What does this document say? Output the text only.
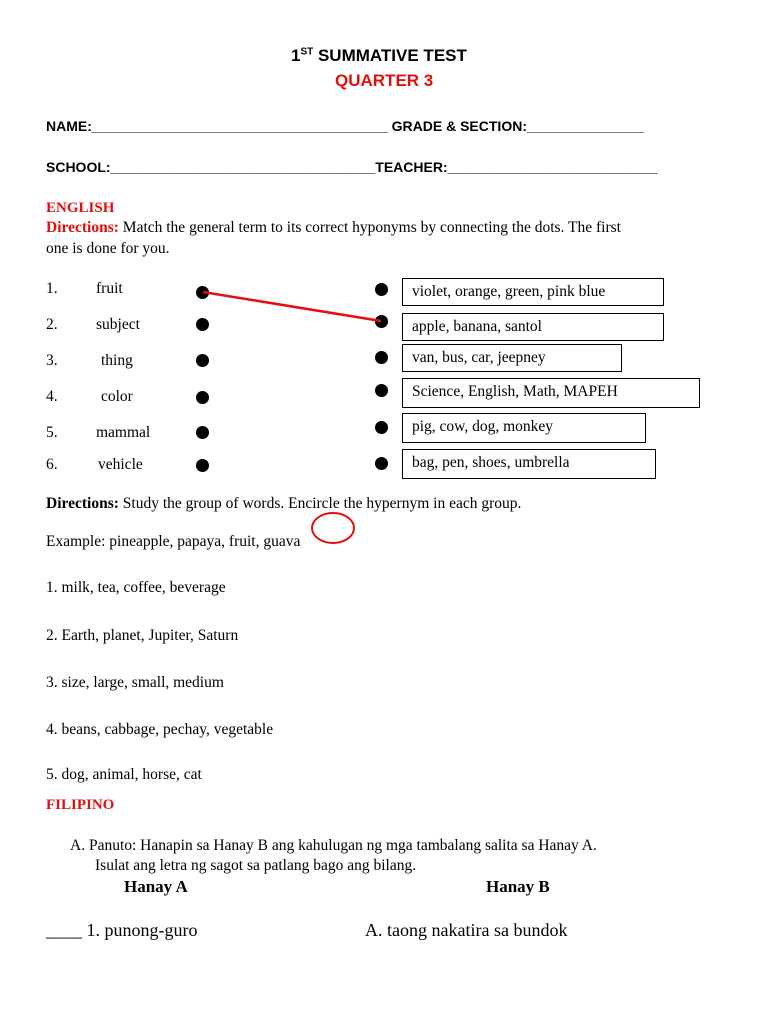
1ST SUMMATIVE TEST
QUARTER 3
NAME:______________________________________ GRADE & SECTION:_______________
SCHOOL:__________________________________TEACHER:___________________________
ENGLISH
Directions: Match the general term to its correct hyponyms by connecting the dots. The first
one is done for you.
1. fruit
2. subject
3.	thing
4.	color
5. mammal
6.	vehicle
violet, orange, green, pink blue
apple, banana, santol
van, bus, car, jeepney
Science, English, Math, MAPEH
pig, cow, dog, monkey
bag, pen, shoes, umbrella
Directions: Study the group of words. Encircle the hypernym in each group.
Example: pineapple, papaya, fruit, guava
1. milk, tea, coffee, beverage
2. Earth, planet, Jupiter, Saturn
3. size, large, small, medium
4. beans, cabbage, pechay, vegetable
5. dog, animal, horse, cat
FILIPINO
A. Panuto: Hanapin sa Hanay B ang kahulugan ng mga tambalang salita sa Hanay A.
Isulat ang letra ng sagot sa patlang bago ang bilang.
Hanay A	Hanay B
____ 1. punong-guro	A. taong nakatira sa bundok
